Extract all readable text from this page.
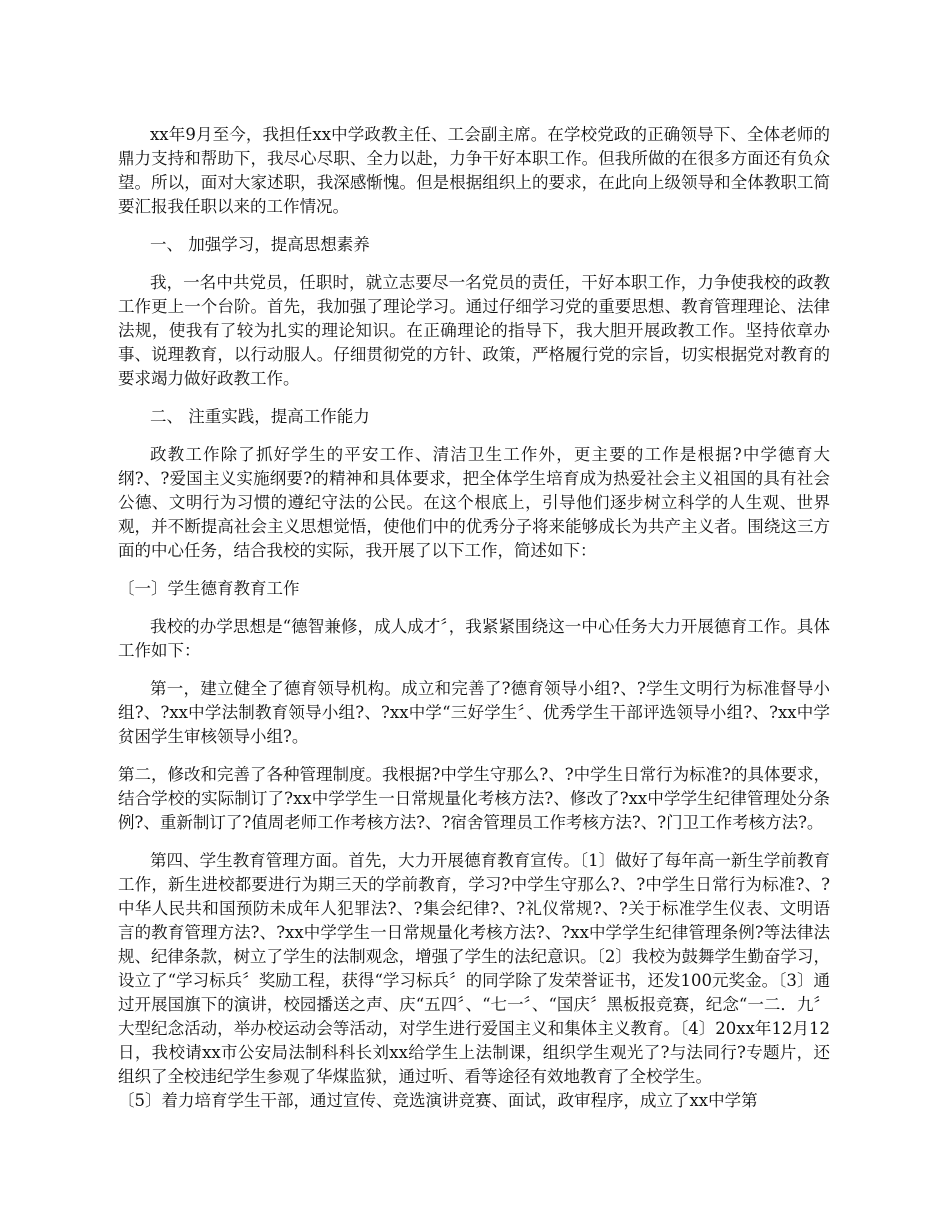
xx年9月至今，我担任xx中学政教主任、工会副主席。在学校党政的正确领导下、全体老师的鼎力支持和帮助下，我尽心尽职、全力以赴，力争干好本职工作。但我所做的在很多方面还有负众望。所以，面对大家述职，我深感惭愧。但是根据组织上的要求，在此向上级领导和全体教职工简要汇报我任职以来的工作情况。

一、 加强学习，提高思想素养

我，一名中共党员，任职时，就立志要尽一名党员的责任，干好本职工作，力争使我校的政教工作更上一个台阶。首先，我加强了理论学习。通过仔细学习党的重要思想、教育管理理论、法律法规，使我有了较为扎实的理论知识。在正确理论的指导下，我大胆开展政教工作。坚持依章办事、说理教育，以行动服人。仔细贯彻党的方针、政策，严格履行党的宗旨，切实根据党对教育的要求竭力做好政教工作。

二、 注重实践，提高工作能力

政教工作除了抓好学生的平安工作、清洁卫生工作外，更主要的工作是根据?中学德育大纲?、?爱国主义实施纲要?的精神和具体要求，把全体学生培育成为热爱社会主义祖国的具有社会公德、文明行为习惯的遵纪守法的公民。在这个根底上，引导他们逐步树立科学的人生观、世界观，并不断提高社会主义思想觉悟，使他们中的优秀分子将来能够成长为共产主义者。围绕这三方面的中心任务，结合我校的实际，我开展了以下工作，简述如下：

〔一〕学生德育教育工作

我校的办学思想是“德智兼修，成人成才〞，我紧紧围绕这一中心任务大力开展德育工作。具体工作如下：

第一，建立健全了德育领导机构。成立和完善了?德育领导小组?、?学生文明行为标准督导小组?、?xx中学法制教育领导小组?、?xx中学“三好学生〞、优秀学生干部评选领导小组?、?xx中学贫困学生审核领导小组?。

第二，修改和完善了各种管理制度。我根据?中学生守那么?、?中学生日常行为标准?的具体要求，结合学校的实际制订了?xx中学学生一日常规量化考核方法?、修改了?xx中学学生纪律管理处分条例?、重新制订了?值周老师工作考核方法?、?宿舍管理员工作考核方法?、?门卫工作考核方法?。

第四、学生教育管理方面。首先，大力开展德育教育宣传。〔1〕做好了每年高一新生学前教育工作，新生进校都要进行为期三天的学前教育，学习?中学生守那么?、?中学生日常行为标准?、?中华人民共和国预防未成年人犯罪法?、?集会纪律?、?礼仪常规?、?关于标准学生仪表、文明语言的教育管理方法?、?xx中学学生一日常规量化考核方法?、?xx中学学生纪律管理条例?等法律法规、纪律条款，树立了学生的法制观念，增强了学生的法纪意识。〔2〕我校为鼓舞学生勤奋学习，设立了“学习标兵〞奖励工程，获得“学习标兵〞的同学除了发荣誉证书，还发100元奖金。〔3〕通过开展国旗下的演讲，校园播送之声、庆“五四〞、“七一〞、“国庆〞黑板报竞赛，纪念“一二．九〞大型纪念活动，举办校运动会等活动，对学生进行爱国主义和集体主义教育。〔4〕20xx年12月12日，我校请xx市公安局法制科科长刘xx给学生上法制课，组织学生观光了?与法同行?专题片，还组织了全校违纪学生参观了华煤监狱，通过听、看等途径有效地教育了全校学生。

〔5〕着力培育学生干部，通过宣传、竞选演讲竞赛、面试，政审程序，成立了xx中学第
